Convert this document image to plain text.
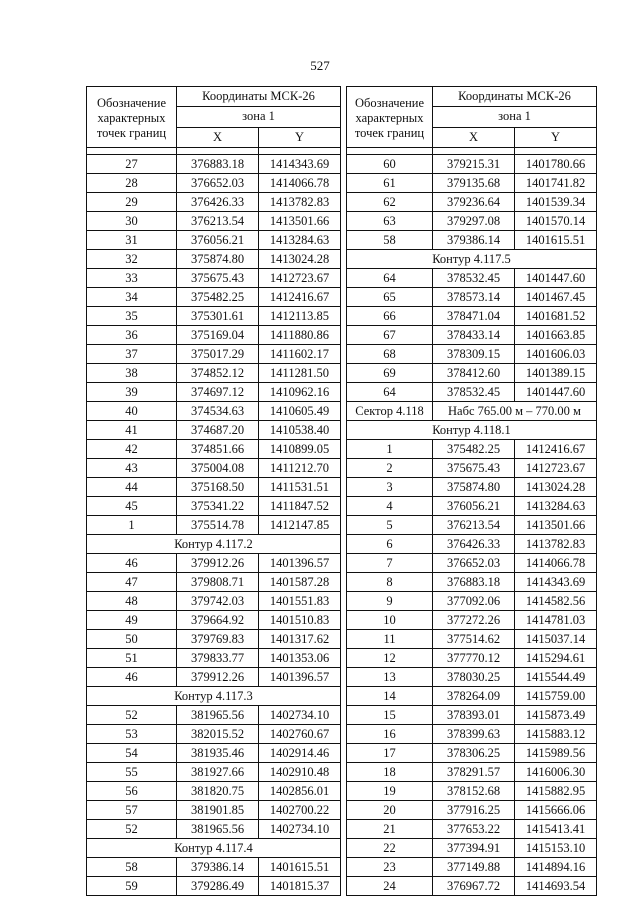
527
Обозначение характерных точек границ	Координаты МСК-26	
	зона 1	
	X	Y

27	376883.18	1414343.69
28	376652.03	1414066.78
29	376426.33	1413782.83
30	376213.54	1413501.66
31	376056.21	1413284.63
32	375874.80	1413024.28
33	375675.43	1412723.67
34	375482.25	1412416.67
35	375301.61	1412113.85
36	375169.04	1411880.86
37	375017.29	1411602.17
38	374852.12	1411281.50
39	374697.12	1410962.16
40	374534.63	1410605.49
41	374687.20	1410538.40
42	374851.66	1410899.05
43	375004.08	1411212.70
44	375168.50	1411531.51
45	375341.22	1411847.52
1	375514.78	1412147.85
Контур 4.117.2		
46	379912.26	1401396.57
47	379808.71	1401587.28
48	379742.03	1401551.83
49	379664.92	1401510.83
50	379769.83	1401317.62
51	379833.77	1401353.06
46	379912.26	1401396.57
Контур 4.117.3		
52	381965.56	1402734.10
53	382015.52	1402760.67
54	381935.46	1402914.46
55	381927.66	1402910.48
56	381820.75	1402856.01
57	381901.85	1402700.22
52	381965.56	1402734.10
Контур 4.117.4		
58	379386.14	1401615.51
59	379286.49	1401815.37
Обозначение характерных точек границ	Координаты МСК-26	
	зона 1	
	X	Y

60	379215.31	1401780.66
61	379135.68	1401741.82
62	379236.64	1401539.34
63	379297.08	1401570.14
58	379386.14	1401615.51
Контур 4.117.5		
64	378532.45	1401447.60
65	378573.14	1401467.45
66	378471.04	1401681.52
67	378433.14	1401663.85
68	378309.15	1401606.03
69	378412.60	1401389.15
64	378532.45	1401447.60
Сектор 4.118	Набс 765.00 м – 770.00 м	
Контур 4.118.1		
1	375482.25	1412416.67
2	375675.43	1412723.67
3	375874.80	1413024.28
4	376056.21	1413284.63
5	376213.54	1413501.66
6	376426.33	1413782.83
7	376652.03	1414066.78
8	376883.18	1414343.69
9	377092.06	1414582.56
10	377272.26	1414781.03
11	377514.62	1415037.14
12	377770.12	1415294.61
13	378030.25	1415544.49
14	378264.09	1415759.00
15	378393.01	1415873.49
16	378399.63	1415883.12
17	378306.25	1415989.56
18	378291.57	1416006.30
19	378152.68	1415882.95
20	377916.25	1415666.06
21	377653.22	1415413.41
22	377394.91	1415153.10
23	377149.88	1414894.16
24	376967.72	1414693.54
